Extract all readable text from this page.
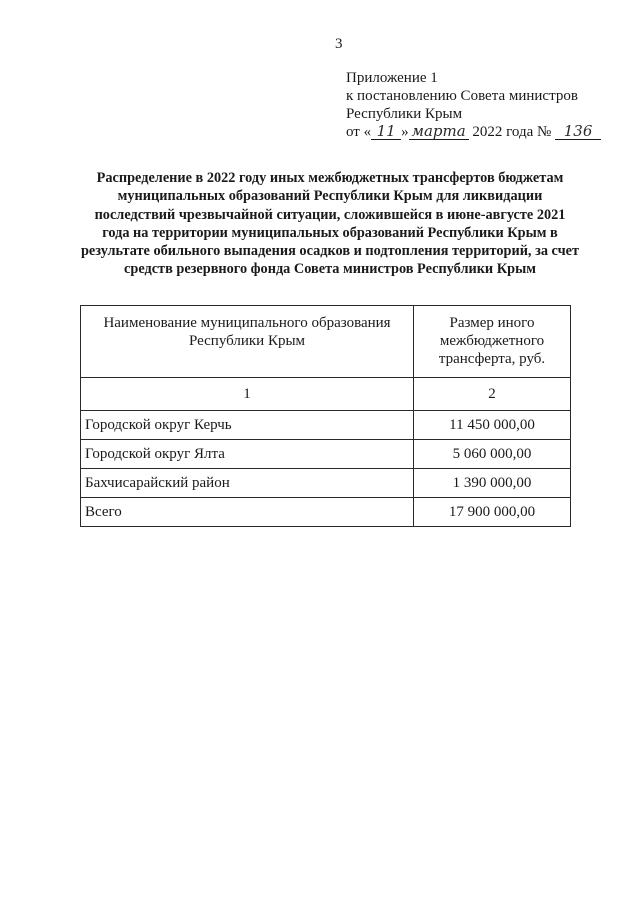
3
Приложение 1
к постановлению Совета министров
Республики Крым
от « 11 » марта 2022 года № 136
Распределение в 2022 году иных межбюджетных трансфертов бюджетам муниципальных образований Республики Крым для ликвидации последствий чрезвычайной ситуации, сложившейся в июне-августе 2021 года на территории муниципальных образований Республики Крым в результате обильного выпадения осадков и подтопления территорий, за счет средств резервного фонда Совета министров Республики Крым
Наименование муниципального образования Республики Крым	Размер иного межбюджетного трансферта, руб.
1	2
Городской округ Керчь	11 450 000,00
Городской округ Ялта	5 060 000,00
Бахчисарайский район	1 390 000,00
Всего	17 900 000,00
